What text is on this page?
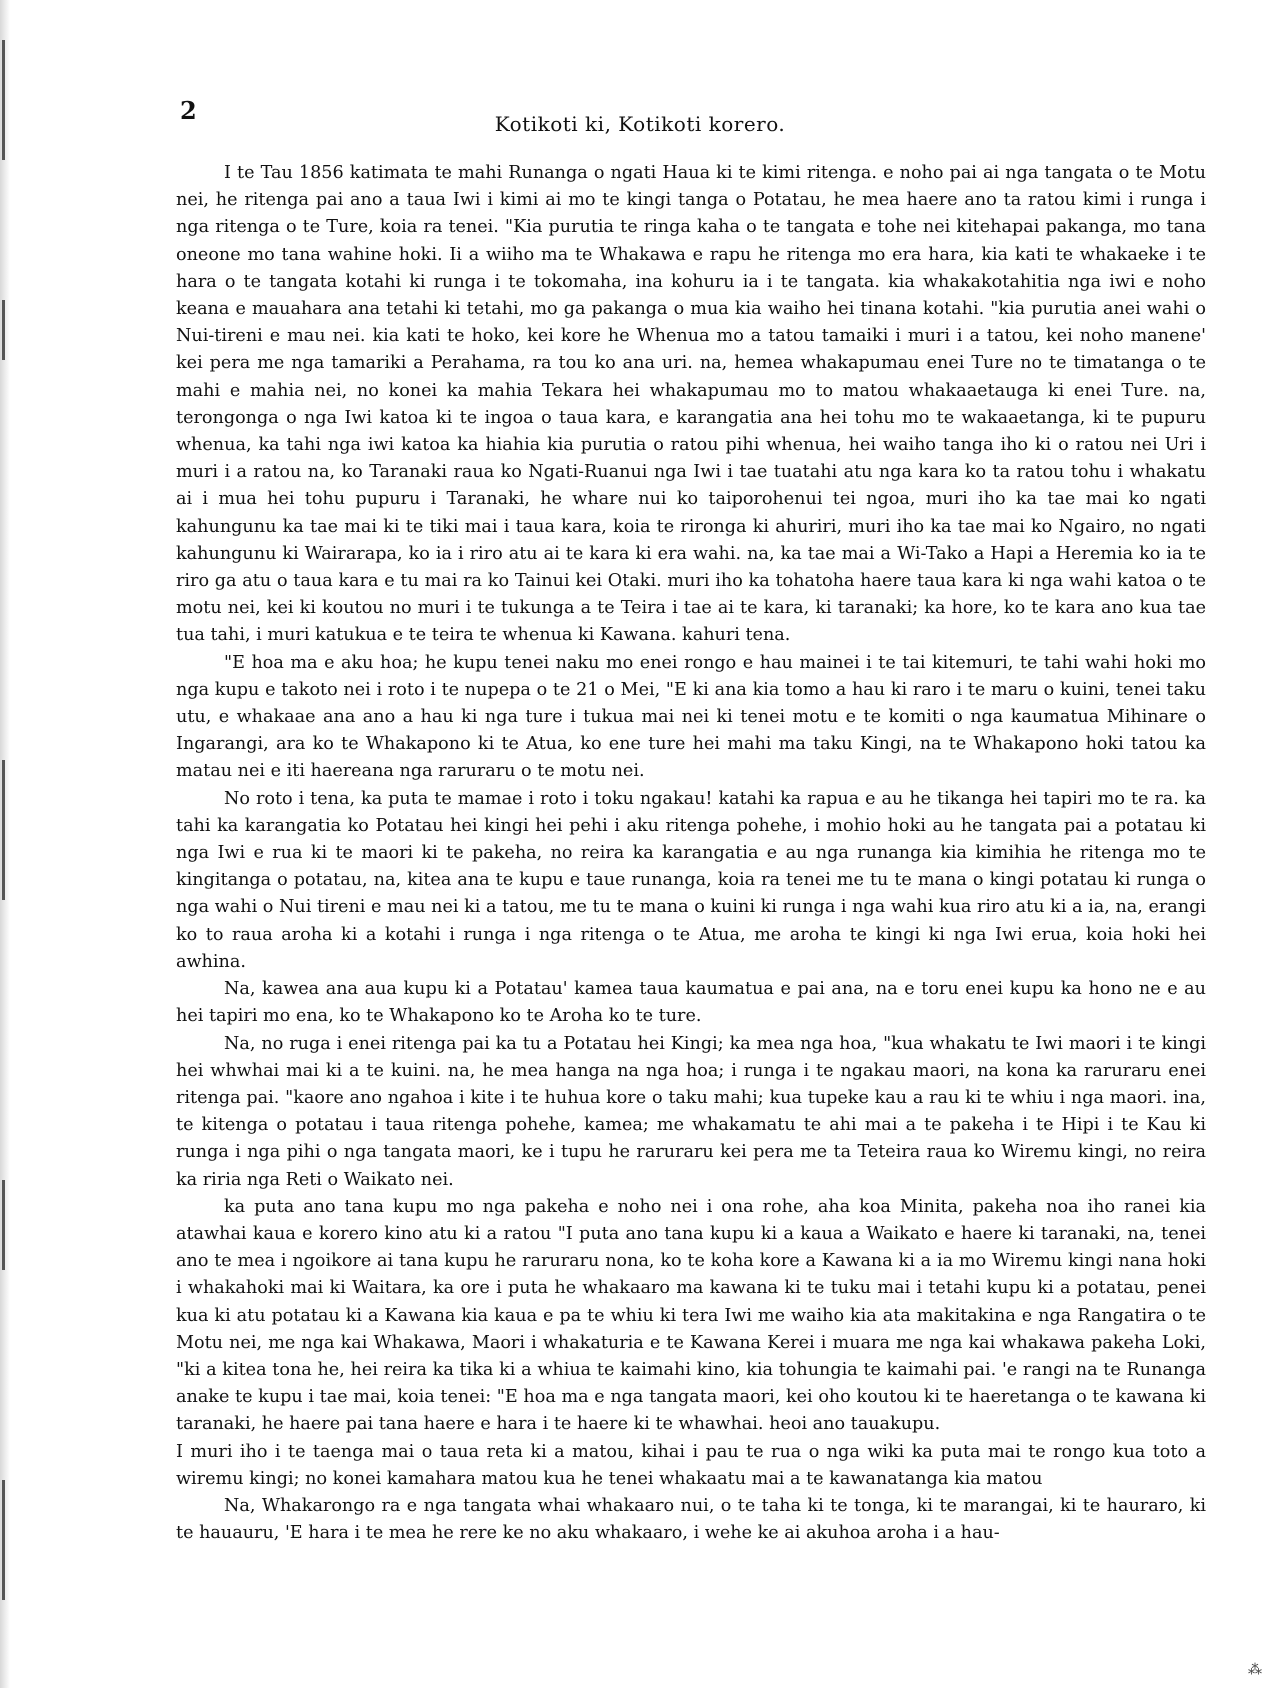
2	Kotikoti ki, Kotikoti korero.

I te Tau 1856 katimata te mahi Runanga o ngati Haua ki te kimi ritenga. e noho pai ai nga tangata o te Motu nei, he ritenga pai ano a taua Iwi i kimi ai mo te kingi tanga o Potatau, he mea haere ano ta ratou kimi i runga i nga ritenga o te Ture, koia ra tenei. "Kia purutia te ringa kaha o te tangata e tohe nei kitehapai pakanga, mo tana oneone mo tana wahine hoki. Ii a wiiho ma te Whakawa e rapu he ritenga mo era hara, kia kati te whakaeke i te hara o te tangata kotahi ki runga i te tokomaha, ina kohuru ia i te tangata. kia whakakotahitia nga iwi e noho keana e mauahara ana tetahi ki tetahi, mo ga pakanga o mua kia waiho hei tinana kotahi. "kia purutia anei wahi o Nui-tireni e mau nei. kia kati te hoko, kei kore he Whenua mo a tatou tamaiki i muri i a tatou, kei noho manene' kei pera me nga tamariki a Perahama, ra tou ko ana uri. na, hemea whakapumau enei Ture no te timatanga o te mahi e mahia nei, no konei ka mahia Tekara hei whakapumau mo to matou whakaaetauga ki enei Ture. na, terongonga o nga Iwi katoa ki te ingoa o taua kara, e karangatia ana hei tohu mo te wakaaetanga, ki te pupuru whenua, ka tahi nga iwi katoa ka hiahia kia purutia o ratou pihi whenua, hei waiho tanga iho ki o ratou nei Uri i muri i a ratou na, ko Taranaki raua ko Ngati-Ruanui nga Iwi i tae tuatahi atu nga kara ko ta ratou tohu i whakatu ai i mua hei tohu pupuru i Taranaki, he whare nui ko taiporohenui tei ngoa, muri iho ka tae mai ko ngati kahungunu ka tae mai ki te tiki mai i taua kara, koia te rironga ki ahuriri, muri iho ka tae mai ko Ngairo, no ngati kahungunu ki Wairarapa, ko ia i riro atu ai te kara ki era wahi. na, ka tae mai a Wi-Tako a Hapi a Heremia ko ia te riro ga atu o taua kara e tu mai ra ko Tainui kei Otaki. muri iho ka tohatoha haere taua kara ki nga wahi katoa o te motu nei, kei ki koutou no muri i te tukunga a te Teira i tae ai te kara, ki taranaki; ka hore, ko te kara ano kua tae tua tahi, i muri katukua e te teira te whenua ki Kawana. kahuri tena.

"E hoa ma e aku hoa; he kupu tenei naku mo enei rongo e hau mainei i te tai kitemuri, te tahi wahi hoki mo nga kupu e takoto nei i roto i te nupepa o te 21 o Mei, "E ki ana kia tomo a hau ki raro i te maru o kuini, tenei taku utu, e whakaae ana ano a hau ki nga ture i tukua mai nei ki tenei motu e te komiti o nga kaumatua Mihinare o Ingarangi, ara ko te Whakapono ki te Atua, ko ene ture hei mahi ma taku Kingi, na te Whakapono hoki tatou ka matau nei e iti haereana nga raruraru o te motu nei.

No roto i tena, ka puta te mamae i roto i toku ngakau! katahi ka rapua e au he tikanga hei tapiri mo te ra. ka tahi ka karangatia ko Potatau hei kingi hei pehi i aku ritenga pohehe, i mohio hoki au he tangata pai a potatau ki nga Iwi e rua ki te maori ki te pakeha, no reira ka karangatia e au nga runanga kia kimihia he ritenga mo te kingitanga o potatau, na, kitea ana te kupu e taue runanga, koia ra tenei me tu te mana o kingi potatau ki runga o nga wahi o Nui tireni e mau nei ki a tatou, me tu te mana o kuini ki runga i nga wahi kua riro atu ki a ia, na, erangi ko to raua aroha ki a kotahi i runga i nga ritenga o te Atua, me aroha te kingi ki nga Iwi erua, koia hoki hei awhina.

Na, kawea ana aua kupu ki a Potatau' kamea taua kaumatua e pai ana, na e toru enei kupu ka hono ne e au hei tapiri mo ena, ko te Whakapono ko te Aroha ko te ture.

Na, no ruga i enei ritenga pai ka tu a Potatau hei Kingi; ka mea nga hoa, "kua whakatu te Iwi maori i te kingi hei whwhai mai ki a te kuini. na, he mea hanga na nga hoa; i runga i te ngakau maori, na kona ka raruraru enei ritenga pai. "kaore ano ngahoa i kite i te huhua kore o taku mahi; kua tupeke kau a rau ki te whiu i nga maori. ina, te kitenga o potatau i taua ritenga pohehe, kamea; me whakamatu te ahi mai a te pakeha i te Hipi i te Kau ki runga i nga pihi o nga tangata maori, ke i tupu he raruraru kei pera me ta Teteira raua ko Wiremu kingi, no reira ka riria nga Reti o Waikato nei.

ka puta ano tana kupu mo nga pakeha e noho nei i ona rohe, aha koa Minita, pakeha noa iho ranei kia atawhai kaua e korero kino atu ki a ratou "I puta ano tana kupu ki a kaua a Waikato e haere ki taranaki, na, tenei ano te mea i ngoikore ai tana kupu he raruraru nona, ko te koha kore a Kawana ki a ia mo Wiremu kingi nana hoki i whakahoki mai ki Waitara, ka ore i puta he whakaaro ma kawana ki te tuku mai i tetahi kupu ki a potatau, penei kua ki atu potatau ki a Kawana kia kaua e pa te whiu ki tera Iwi me waiho kia ata makitakina e nga Rangatira o te Motu nei, me nga kai Whakawa, Maori i whakaturia e te Kawana Kerei i muara me nga kai whakawa pakeha Loki, "ki a kitea tona he, hei reira ka tika ki a whiua te kaimahi kino, kia tohungia te kaimahi pai. 'e rangi na te Runanga anake te kupu i tae mai, koia tenei: "E hoa ma e nga tangata maori, kei oho koutou ki te haeretanga o te kawana ki taranaki, he haere pai tana haere e hara i te haere ki te whawhai. heoi ano tauakupu.

I muri iho i te taenga mai o taua reta ki a matou, kihai i pau te rua o nga wiki ka puta mai te rongo kua toto a wiremu kingi; no konei kamahara matou kua he tenei whakaatu mai a te kawanatanga kia matou

Na, Whakarongo ra e nga tangata whai whakaaro nui, o te taha ki te tonga, ki te marangai, ki te hauraro, ki te hauauru, 'E hara i te mea he rere ke no aku whakaaro, i wehe ke ai akuhoa aroha i a hau-

⁂
